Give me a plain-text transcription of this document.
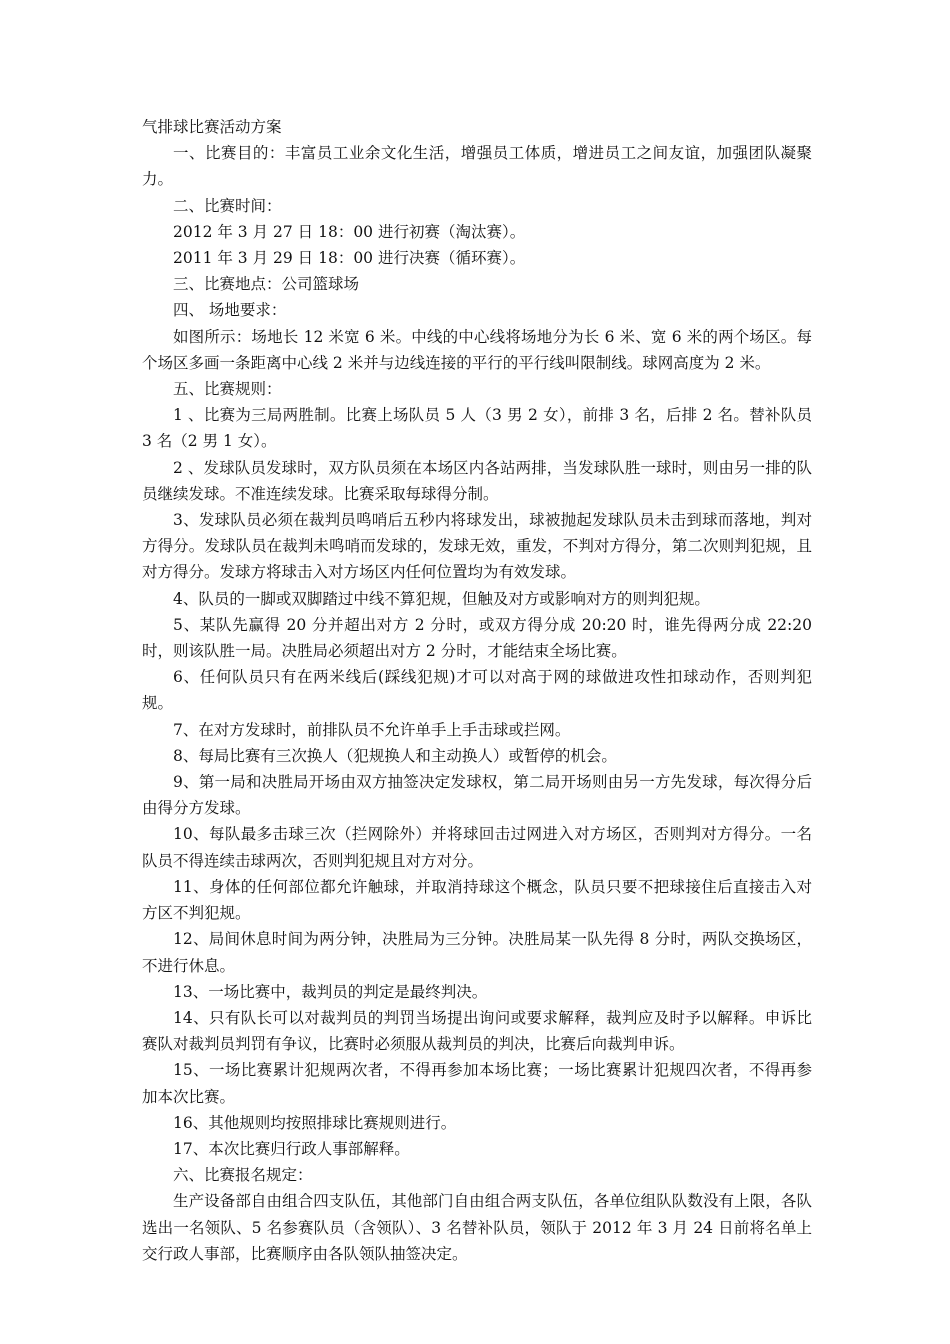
气排球比赛活动方案

一、比赛目的：丰富员工业余文化生活，增强员工体质，增进员工之间友谊，加强团队凝聚力。

二、比赛时间：

2012 年 3 月 27 日 18：00 进行初赛（淘汰赛）。

2011 年 3 月 29 日 18：00 进行决赛（循环赛）。

三、比赛地点：公司篮球场

四、 场地要求：

如图所示：场地长 12 米宽 6 米。中线的中心线将场地分为长 6 米、宽 6 米的两个场区。每个场区多画一条距离中心线 2 米并与边线连接的平行的平行线叫限制线。球网高度为 2 米。

五、比赛规则：

1 、比赛为三局两胜制。比赛上场队员 5 人（3 男 2 女），前排 3 名，后排 2 名。替补队员 3 名（2 男 1 女）。

2 、发球队员发球时，双方队员须在本场区内各站两排，当发球队胜一球时，则由另一排的队员继续发球。不准连续发球。比赛采取每球得分制。

3、发球队员必须在裁判员鸣哨后五秒内将球发出，球被抛起发球队员未击到球而落地，判对方得分。发球队员在裁判未鸣哨而发球的，发球无效，重发，不判对方得分，第二次则判犯规，且对方得分。发球方将球击入对方场区内任何位置均为有效发球。

4、队员的一脚或双脚踏过中线不算犯规，但触及对方或影响对方的则判犯规。

5、某队先赢得 20 分并超出对方 2 分时，或双方得分成 20:20 时，谁先得两分成 22:20 时，则该队胜一局。决胜局必须超出对方 2 分时，才能结束全场比赛。

6、任何队员只有在两米线后(踩线犯规)才可以对高于网的球做进攻性扣球动作，否则判犯规。

7、在对方发球时，前排队员不允许单手上手击球或拦网。

8、每局比赛有三次换人（犯规换人和主动换人）或暂停的机会。

9、第一局和决胜局开场由双方抽签决定发球权，第二局开场则由另一方先发球，每次得分后由得分方发球。

10、每队最多击球三次（拦网除外）并将球回击过网进入对方场区，否则判对方得分。一名队员不得连续击球两次，否则判犯规且对方对分。

11、身体的任何部位都允许触球，并取消持球这个概念，队员只要不把球接住后直接击入对方区不判犯规。

12、局间休息时间为两分钟，决胜局为三分钟。决胜局某一队先得 8 分时，两队交换场区，不进行休息。

13、一场比赛中，裁判员的判定是最终判决。

14、只有队长可以对裁判员的判罚当场提出询问或要求解释，裁判应及时予以解释。申诉比赛队对裁判员判罚有争议，比赛时必须服从裁判员的判决，比赛后向裁判申诉。

15、一场比赛累计犯规两次者，不得再参加本场比赛；一场比赛累计犯规四次者，不得再参加本次比赛。

16、其他规则均按照排球比赛规则进行。

17、本次比赛归行政人事部解释。

六、比赛报名规定：

生产设备部自由组合四支队伍，其他部门自由组合两支队伍，各单位组队队数没有上限，各队选出一名领队、5 名参赛队员（含领队）、3 名替补队员，领队于 2012 年 3 月 24 日前将名单上交行政人事部，比赛顺序由各队领队抽签决定。
